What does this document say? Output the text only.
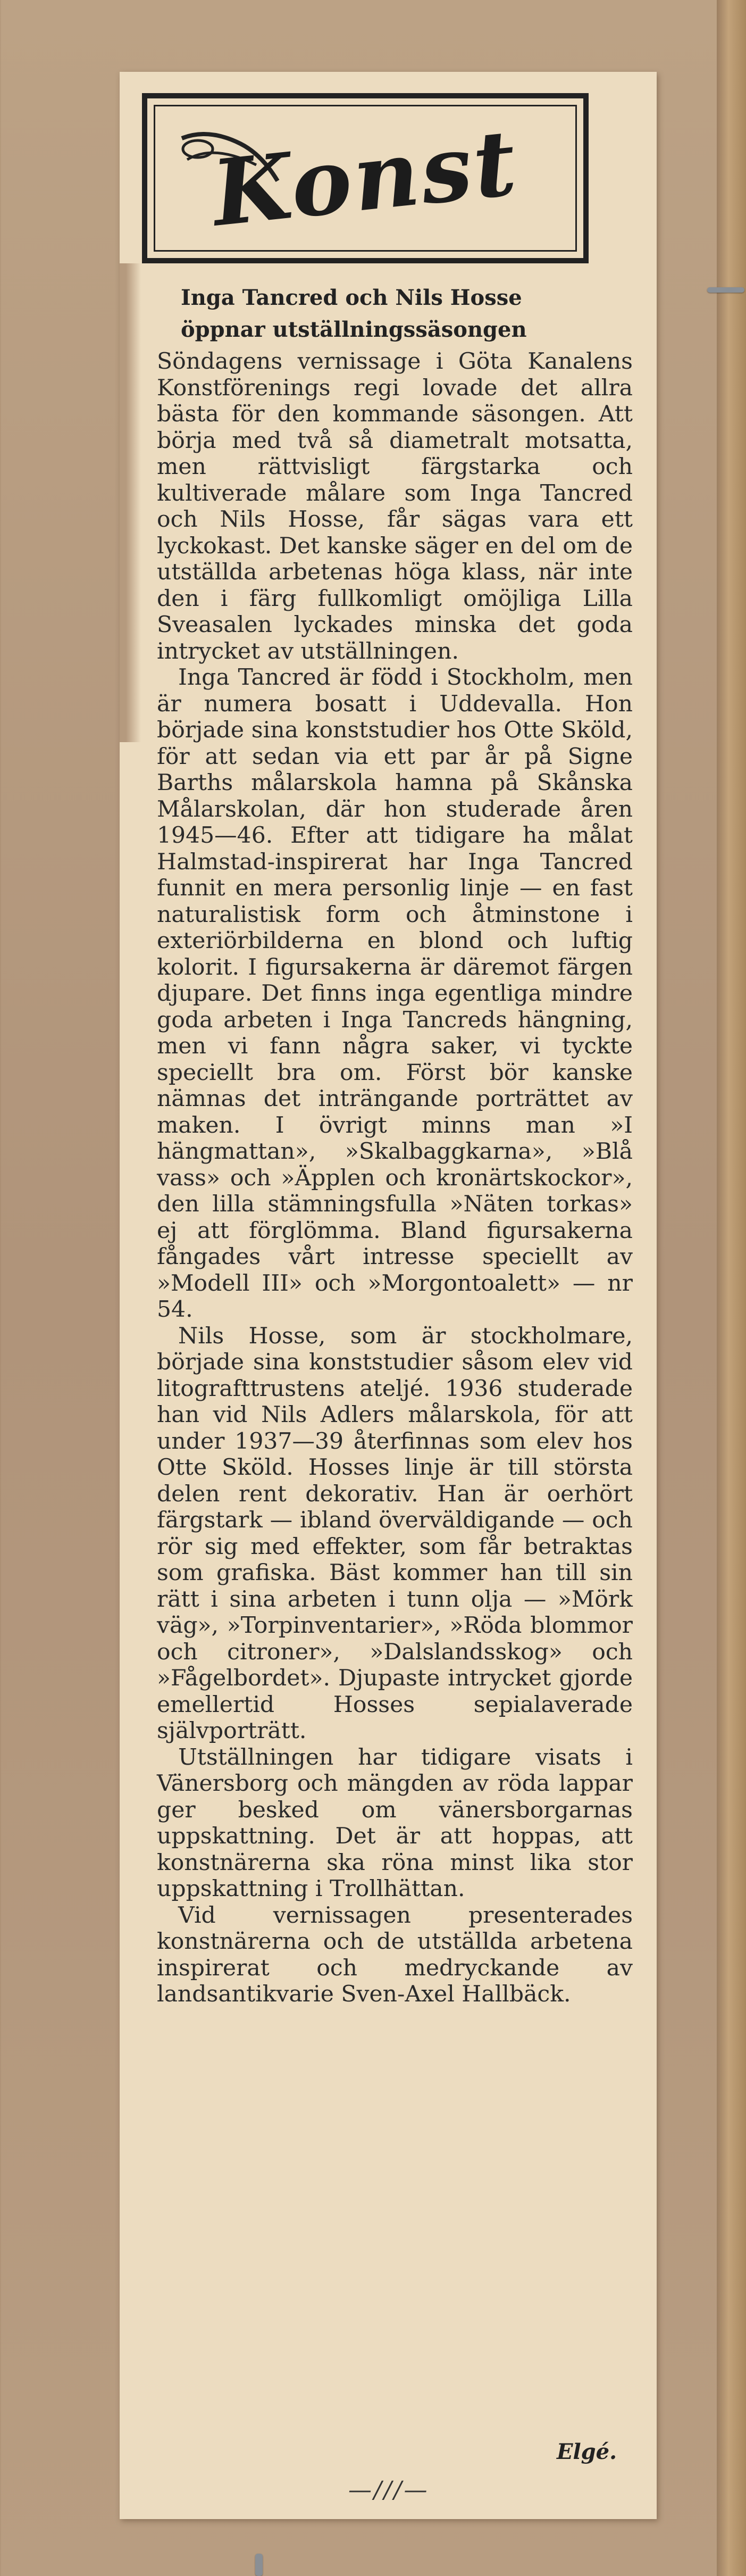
Konst
Inga Tancred och Nils Hosse
öppnar utställningssäsongen

Söndagens vernissage i Göta Kanalens Konstförenings regi lovade det allra bästa för den kommande säsongen. Att börja med två så diametralt motsatta, men rättvisligt färgstarka och kultiverade målare som Inga Tancred och Nils Hosse, får sägas vara ett lyckokast. Det kanske säger en del om de utställda arbetenas höga klass, när inte den i färg fullkomligt omöjliga Lilla Sveasalen lyckades minska det goda intrycket av utställningen.

Inga Tancred är född i Stockholm, men är numera bosatt i Uddevalla. Hon började sina konststudier hos Otte Sköld, för att sedan via ett par år på Signe Barths målarskola hamna på Skånska Målarskolan, där hon studerade åren 1945—46. Efter att tidigare ha målat Halmstad-inspirerat har Inga Tancred funnit en mera personlig linje — en fast naturalistisk form och åtminstone i exteriörbilderna en blond och luftig kolorit. I figursakerna är däremot färgen djupare. Det finns inga egentliga mindre goda arbeten i Inga Tancreds hängning, men vi fann några saker, vi tyckte speciellt bra om. Först bör kanske nämnas det inträngande porträttet av maken. I övrigt minns man »I hängmattan», »Skalbaggkarna», »Blå vass» och »Äpplen och kronärtskockor», den lilla stämningsfulla »Näten torkas» ej att förglömma. Bland figursakerna fångades vårt intresse speciellt av »Modell III» och »Morgontoalett» — nr 54.

Nils Hosse, som är stockholmare, började sina konststudier såsom elev vid litografttrustens ateljé. 1936 studerade han vid Nils Adlers målarskola, för att under 1937—39 återfinnas som elev hos Otte Sköld. Hosses linje är till största delen rent dekorativ. Han är oerhört färgstark — ibland överväldigande — och rör sig med effekter, som får betraktas som grafiska. Bäst kommer han till sin rätt i sina arbeten i tunn olja — »Mörk väg», »Torpinventarier», »Röda blommor och citroner», »Dalslandsskog» och »Fågelbordet». Djupaste intrycket gjorde emellertid Hosses sepialaverade självporträtt.

Utställningen har tidigare visats i Vänersborg och mängden av röda lappar ger besked om vänersborgarnas uppskattning. Det är att hoppas, att konstnärerna ska röna minst lika stor uppskattning i Trollhättan.

Vid vernissagen presenterades konstnärerna och de utställda arbetena inspirerat och medryckande av landsantikvarie Sven-Axel Hallbäck.

Elgé.
—///—
